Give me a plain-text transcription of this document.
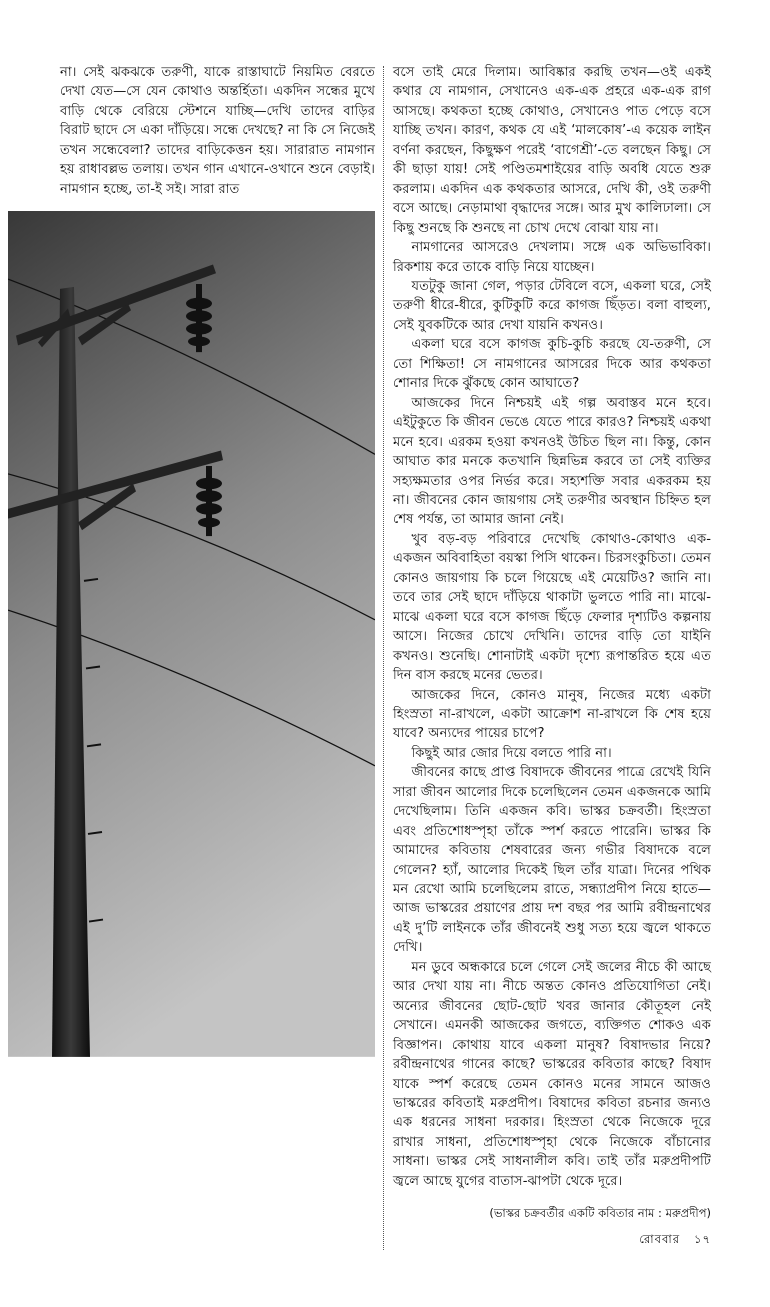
না। সেই ঝকঝকে তরুণী, যাকে রাস্তাঘাটে নিয়মিত বেরতে দেখা যেত—সে যেন কোথাও অন্তর্হিতা। একদিন সন্ধের মুখে বাড়ি থেকে বেরিয়ে স্টেশনে যাচ্ছি—দেখি তাদের বাড়ির বিরাট ছাদে সে একা দাঁড়িয়ে। সন্ধে দেখছে? না কি সে নিজেই তখন সন্ধেবেলা? তাদের বাড়িকেত্তন হয়। সারারাত নামগান হয় রাধাবল্লভ তলায়। তখন গান এখানে-ওখানে শুনে বেড়াই। নামগান হচ্ছে, তা-ই সই। সারা রাত

বসে তাই মেরে দিলাম। আবিষ্কার করছি তখন—ওই একই কথার যে নামগান, সেখানেও এক-এক প্রহরে এক-এক রাগ আসছে। কথকতা হচ্ছে কোথাও, সেখানেও পাত পেড়ে বসে যাচ্ছি তখন। কারণ, কথক যে এই ‘মালকোষ’-এ কয়েক লাইন বর্ণনা করছেন, কিছুক্ষণ পরেই ‘বাগেশ্রী’-তে বলছেন কিছু। সে কী ছাড়া যায়! সেই পণ্ডিতমশাইয়ের বাড়ি অবধি যেতে শুরু করলাম। একদিন এক কথকতার আসরে, দেখি কী, ওই তরুণী বসে আছে। নেড়ামাথা বৃদ্ধাদের সঙ্গে। আর মুখ কালিঢালা। সে কিছু শুনছে কি শুনছে না চোখ দেখে বোঝা যায় না।

নামগানের আসরেও দেখলাম। সঙ্গে এক অভিভাবিকা। রিকশায় করে তাকে বাড়ি নিয়ে যাচ্ছেন।

যতটুকু জানা গেল, পড়ার টেবিলে বসে, একলা ঘরে, সেই তরুণী ধীরে-ধীরে, কুটিকুটি করে কাগজ ছিঁড়ত। বলা বাহুল্য, সেই যুবকটিকে আর দেখা যায়নি কখনও।

একলা ঘরে বসে কাগজ কুচি-কুচি করছে যে-তরুণী, সে তো শিক্ষিতা! সে নামগানের আসরের দিকে আর কথকতা শোনার দিকে ঝুঁকছে কোন আঘাতে?

আজকের দিনে নিশ্চয়ই এই গল্প অবাস্তব মনে হবে। এইটুকুতে কি জীবন ভেঙে যেতে পারে কারও? নিশ্চয়ই একথা মনে হবে। এরকম হওয়া কখনওই উচিত ছিল না। কিন্তু, কোন আঘাত কার মনকে কতখানি ছিন্নভিন্ন করবে তা সেই ব্যক্তির সহ্যক্ষমতার ওপর নির্ভর করে। সহ্যশক্তি সবার একরকম হয় না। জীবনের কোন জায়গায় সেই তরুণীর অবস্থান চিহ্নিত হল শেষ পর্যন্ত, তা আমার জানা নেই।

খুব বড়-বড় পরিবারে দেখেছি কোথাও-কোথাও এক-একজন অবিবাহিতা বয়স্কা পিসি থাকেন। চিরসংকুচিতা। তেমন কোনও জায়গায় কি চলে গিয়েছে এই মেয়েটিও? জানি না। তবে তার সেই ছাদে দাঁড়িয়ে থাকাটা ভুলতে পারি না। মাঝে-মাঝে একলা ঘরে বসে কাগজ ছিঁড়ে ফেলার দৃশ্যটিও কল্পনায় আসে। নিজের চোখে দেখিনি। তাদের বাড়ি তো যাইনি কখনও। শুনেছি। শোনাটাই একটা দৃশ্যে রূপান্তরিত হয়ে এত দিন বাস করছে মনের ভেতর।

আজকের দিনে, কোনও মানুষ, নিজের মধ্যে একটা হিংস্রতা না-রাখলে, একটা আক্রোশ না-রাখলে কি শেষ হয়ে যাবে? অন্যদের পায়ের চাপে?

কিছুই আর জোর দিয়ে বলতে পারি না।

জীবনের কাছে প্রাপ্ত বিষাদকে জীবনের পাত্রে রেখেই যিনি সারা জীবন আলোর দিকে চলেছিলেন তেমন একজনকে আমি দেখেছিলাম। তিনি একজন কবি। ভাস্কর চক্রবর্তী। হিংস্রতা এবং প্রতিশোধস্পৃহা তাঁকে স্পর্শ করতে পারেনি। ভাস্কর কি আমাদের কবিতায় শেষবারের জন্য গভীর বিষাদকে বলে গেলেন? হ্যাঁ, আলোর দিকেই ছিল তাঁর যাত্রা। দিনের পথিক মন রেখো আমি চলেছিলেম রাতে, সন্ধ্যাপ্রদীপ নিয়ে হাতে—আজ ভাস্করের প্রয়াণের প্রায় দশ বছর পর আমি রবীন্দ্রনাথের এই দু’টি লাইনকে তাঁর জীবনেই শুধু সত্য হয়ে জ্বলে থাকতে দেখি।

মন ডুবে অন্ধকারে চলে গেলে সেই জলের নীচে কী আছে আর দেখা যায় না। নীচে অন্তত কোনও প্রতিযোগিতা নেই। অন্যের জীবনের ছোট-ছোট খবর জানার কৌতূহল নেই সেখানে। এমনকী আজকের জগতে, ব্যক্তিগত শোকও এক বিজ্ঞাপন। কোথায় যাবে একলা মানুষ? বিষাদভার নিয়ে? রবীন্দ্রনাথের গানের কাছে? ভাস্করের কবিতার কাছে? বিষাদ যাকে স্পর্শ করেছে তেমন কোনও মনের সামনে আজও ভাস্করের কবিতাই মরুপ্রদীপ। বিষাদের কবিতা রচনার জন্যও এক ধরনের সাধনা দরকার। হিংস্রতা থেকে নিজেকে দূরে রাখার সাধনা, প্রতিশোধস্পৃহা থেকে নিজেকে বাঁচানোর সাধনা। ভাস্কর সেই সাধনালীল কবি। তাই তাঁর মরুপ্রদীপটি জ্বলে আছে যুগের বাতাস-ঝাপটা থেকে দূরে।

(ভাস্কর চক্রবর্তীর একটি কবিতার নাম : মরুপ্রদীপ)
রোববার ১৭
